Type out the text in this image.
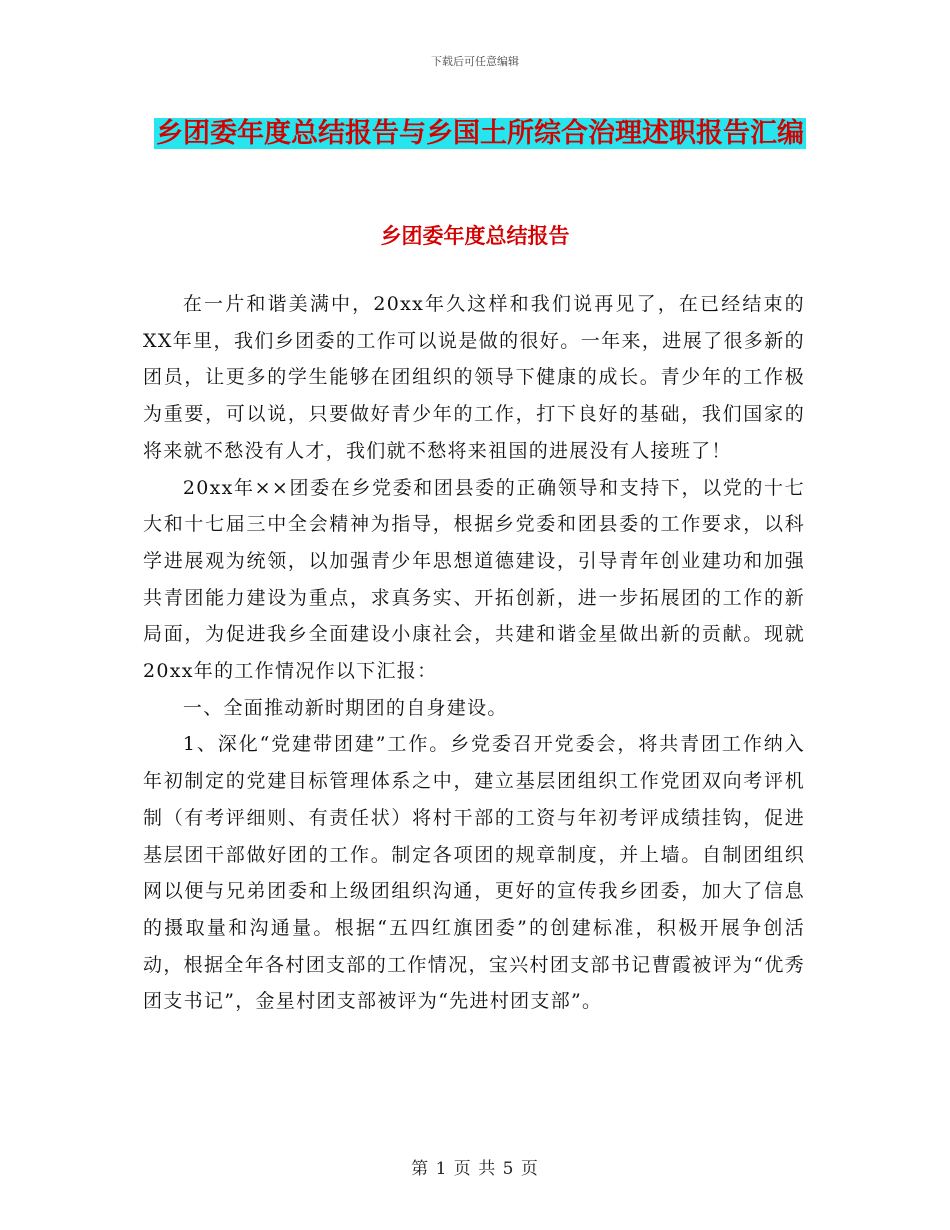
下载后可任意编辑
乡团委年度总结报告与乡国土所综合治理述职报告汇编
乡团委年度总结报告

在一片和谐美满中，20xx年久这样和我们说再见了，在已经结束的XX年里，我们乡团委的工作可以说是做的很好。一年来，进展了很多新的团员，让更多的学生能够在团组织的领导下健康的成长。青少年的工作极为重要，可以说，只要做好青少年的工作，打下良好的基础，我们国家的将来就不愁没有人才，我们就不愁将来祖国的进展没有人接班了！

20xx年××团委在乡党委和团县委的正确领导和支持下，以党的十七大和十七届三中全会精神为指导，根据乡党委和团县委的工作要求，以科学进展观为统领，以加强青少年思想道德建设，引导青年创业建功和加强共青团能力建设为重点，求真务实、开拓创新，进一步拓展团的工作的新局面，为促进我乡全面建设小康社会，共建和谐金星做出新的贡献。现就20xx年的工作情况作以下汇报：

一、全面推动新时期团的自身建设。

1、深化“党建带团建”工作。乡党委召开党委会，将共青团工作纳入年初制定的党建目标管理体系之中，建立基层团组织工作党团双向考评机制（有考评细则、有责任状）将村干部的工资与年初考评成绩挂钩，促进基层团干部做好团的工作。制定各项团的规章制度，并上墙。自制团组织网以便与兄弟团委和上级团组织沟通，更好的宣传我乡团委，加大了信息的摄取量和沟通量。根据“五四红旗团委”的创建标准，积极开展争创活动，根据全年各村团支部的工作情况，宝兴村团支部书记曹霞被评为“优秀团支书记”，金星村团支部被评为“先进村团支部”。

第 1 页 共 5 页
